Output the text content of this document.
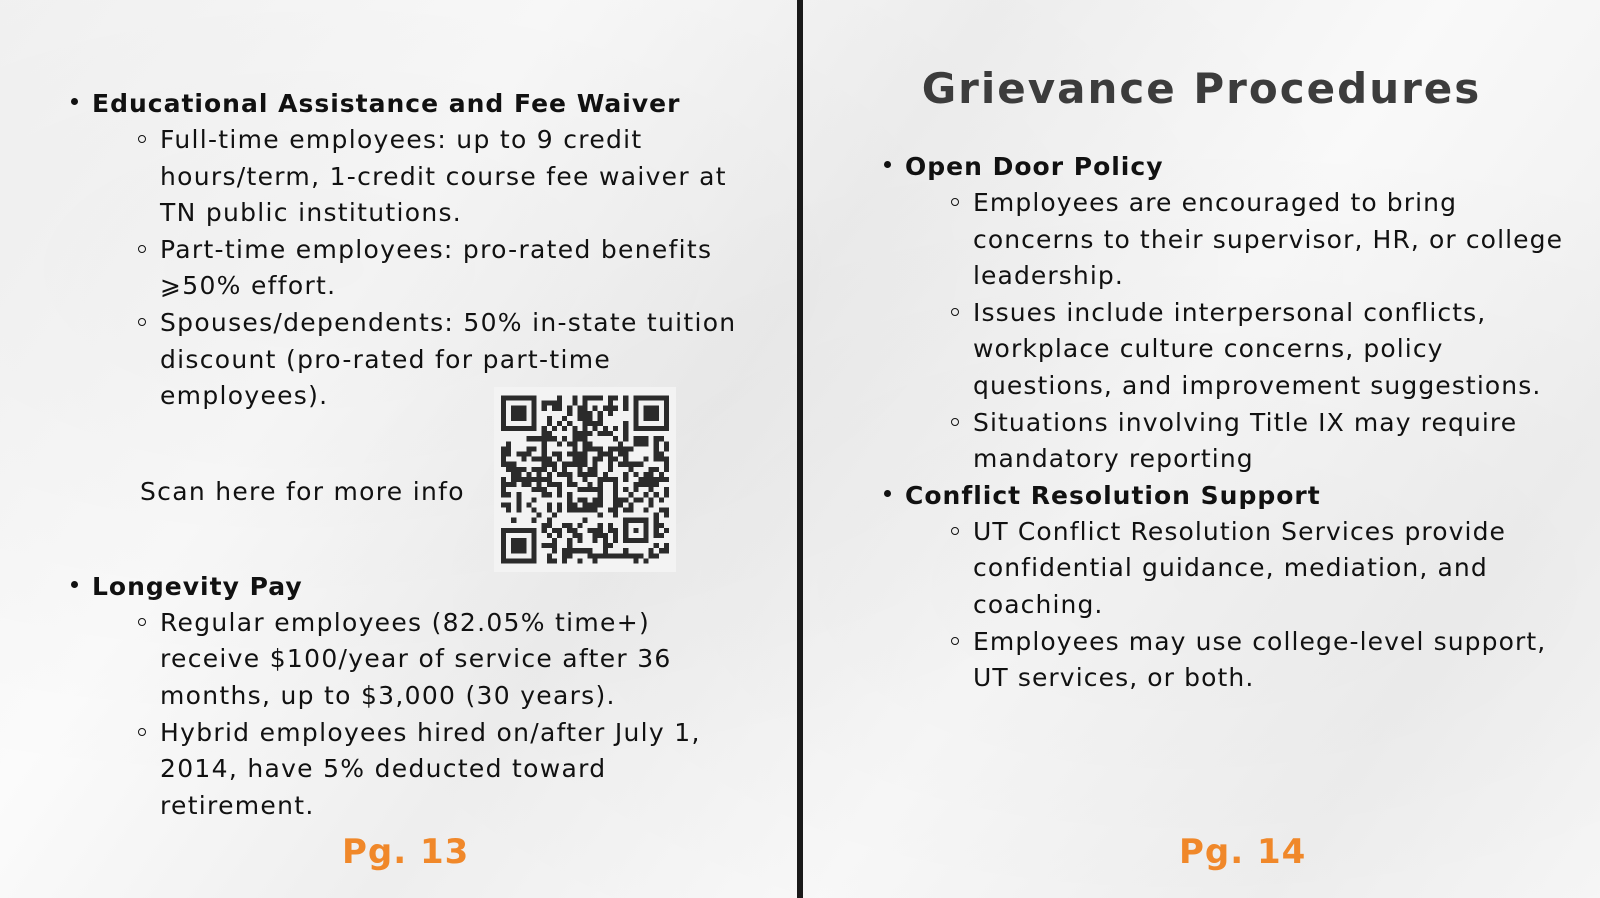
Educational Assistance and Fee Waiver
Full-time employees: up to 9 credit hours/term, 1-credit course fee waiver at TN public institutions.
Part-time employees: pro-rated benefits ⩾50% effort.
Spouses/dependents: 50% in-state tuition discount (pro-rated for part-time employees).
Longevity Pay
Regular employees (82.05% time+) receive $100/year of service after 36 months, up to $3,000 (30 years).
Hybrid employees hired on/after July 1, 2014, have 5% deducted toward retirement.
Scan here for more info
Pg. 13
Grievance Procedures
Open Door Policy
Employees are encouraged to bring concerns to their supervisor, HR, or college leadership.
Issues include interpersonal conflicts, workplace culture concerns, policy questions, and improvement suggestions.
Situations involving Title IX may require mandatory reporting
Conflict Resolution Support
UT Conflict Resolution Services provide confidential guidance, mediation, and coaching.
Employees may use college-level support, UT services, or both.
Pg. 14
